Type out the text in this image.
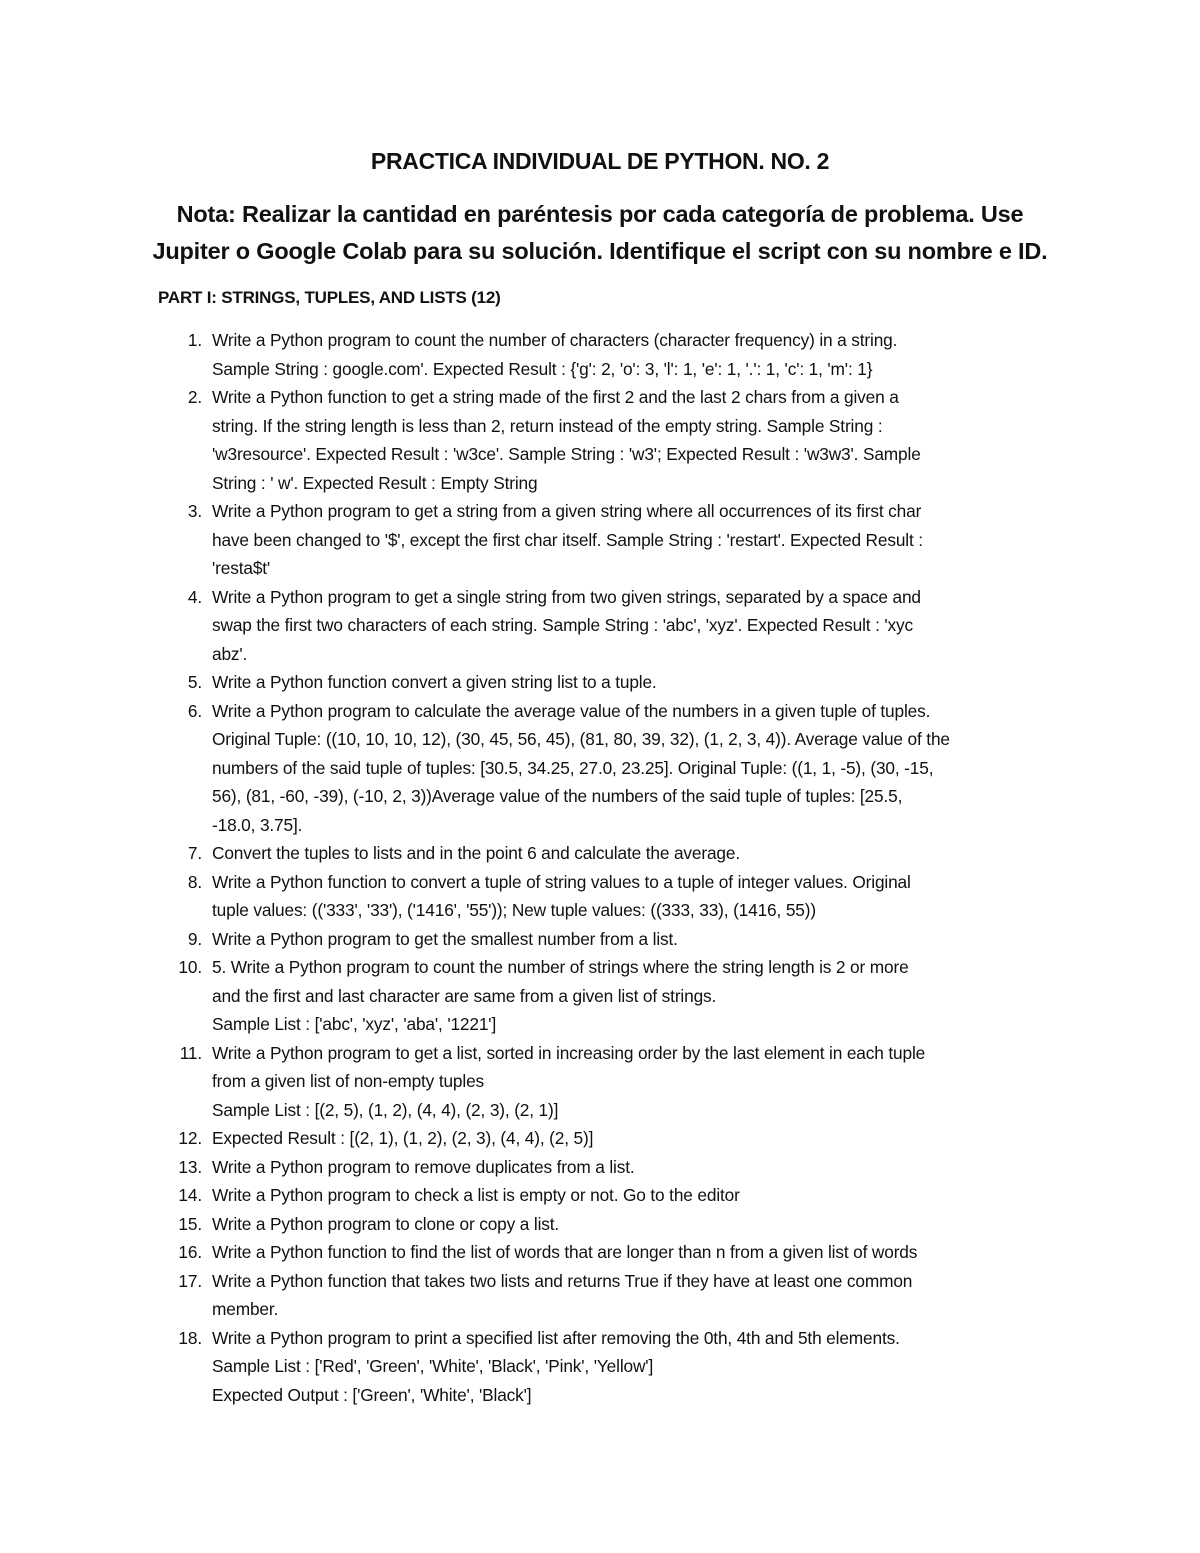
PRACTICA INDIVIDUAL DE PYTHON. NO. 2
Nota: Realizar la cantidad en paréntesis por cada categoría de problema. Use
Jupiter o Google Colab para su solución. Identifique el script con su nombre e ID.
PART I: STRINGS, TUPLES, AND LISTS (12)
1. Write a Python program to count the number of characters (character frequency) in a string.
Sample String : google.com'. Expected Result : {'g': 2, 'o': 3, 'l': 1, 'e': 1, '.': 1, 'c': 1, 'm': 1}
2. Write a Python function to get a string made of the first 2 and the last 2 chars from a given a
string. If the string length is less than 2, return instead of the empty string. Sample String :
'w3resource'. Expected Result : 'w3ce'. Sample String : 'w3'; Expected Result : 'w3w3'. Sample
String : ' w'. Expected Result : Empty String
3. Write a Python program to get a string from a given string where all occurrences of its first char
have been changed to '$', except the first char itself. Sample String : 'restart'. Expected Result :
'resta$t'
4. Write a Python program to get a single string from two given strings, separated by a space and
swap the first two characters of each string. Sample String : 'abc', 'xyz'. Expected Result : 'xyc
abz'.
5. Write a Python function convert a given string list to a tuple.
6. Write a Python program to calculate the average value of the numbers in a given tuple of tuples.
Original Tuple: ((10, 10, 10, 12), (30, 45, 56, 45), (81, 80, 39, 32), (1, 2, 3, 4)). Average value of the
numbers of the said tuple of tuples: [30.5, 34.25, 27.0, 23.25]. Original Tuple: ((1, 1, -5), (30, -15,
56), (81, -60, -39), (-10, 2, 3))Average value of the numbers of the said tuple of tuples: [25.5,
-18.0, 3.75].
7. Convert the tuples to lists and in the point 6 and calculate the average.
8. Write a Python function to convert a tuple of string values to a tuple of integer values. Original
tuple values: (('333', '33'), ('1416', '55')); New tuple values: ((333, 33), (1416, 55))
9. Write a Python program to get the smallest number from a list.
10. 5. Write a Python program to count the number of strings where the string length is 2 or more
and the first and last character are same from a given list of strings.
Sample List : ['abc', 'xyz', 'aba', '1221']
11. Write a Python program to get a list, sorted in increasing order by the last element in each tuple
from a given list of non-empty tuples
Sample List : [(2, 5), (1, 2), (4, 4), (2, 3), (2, 1)]
12. Expected Result : [(2, 1), (1, 2), (2, 3), (4, 4), (2, 5)]
13. Write a Python program to remove duplicates from a list.
14. Write a Python program to check a list is empty or not. Go to the editor
15. Write a Python program to clone or copy a list.
16. Write a Python function to find the list of words that are longer than n from a given list of words
17. Write a Python function that takes two lists and returns True if they have at least one common
member.
18. Write a Python program to print a specified list after removing the 0th, 4th and 5th elements.
Sample List : ['Red', 'Green', 'White', 'Black', 'Pink', 'Yellow']
Expected Output : ['Green', 'White', 'Black']
